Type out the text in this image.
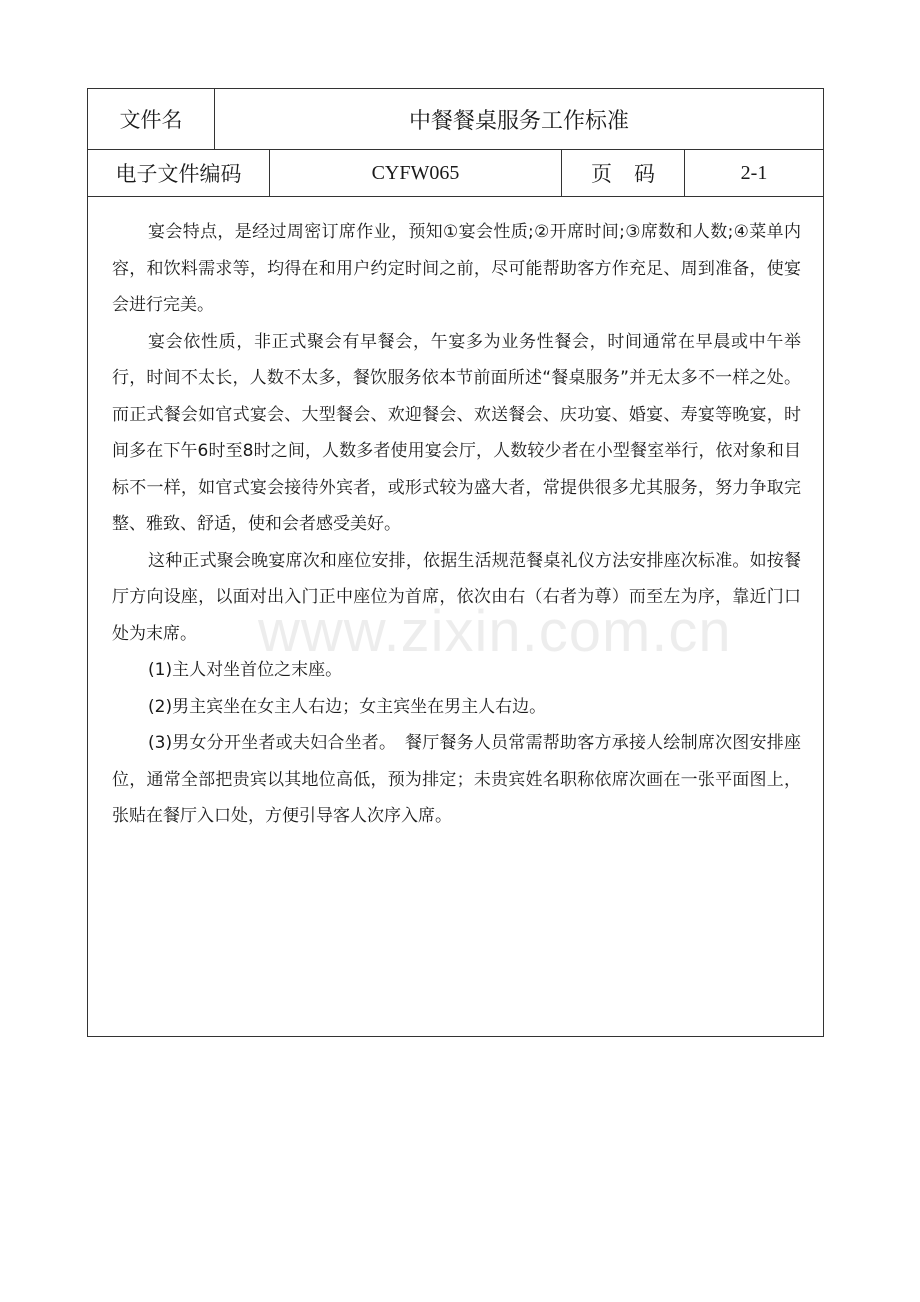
www.zixin.com.cn
文件名	中餐餐桌服务工作标准
电子文件编码	CYFW065	页码	2-1

宴会特点，是经过周密订席作业，预知①宴会性质;②开席时间;③席数和人数;④菜单内容，和饮料需求等，均得在和用户约定时间之前，尽可能帮助客方作充足、周到准备，使宴会进行完美。

宴会依性质，非正式聚会有早餐会，午宴多为业务性餐会，时间通常在早晨或中午举行，时间不太长，人数不太多，餐饮服务依本节前面所述“餐桌服务”并无太多不一样之处。而正式餐会如官式宴会、大型餐会、欢迎餐会、欢送餐会、庆功宴、婚宴、寿宴等晚宴，时间多在下午6时至8时之间，人数多者使用宴会厅，人数较少者在小型餐室举行，依对象和目标不一样，如官式宴会接待外宾者，或形式较为盛大者，常提供很多尤其服务，努力争取完整、雅致、舒适，使和会者感受美好。

这种正式聚会晚宴席次和座位安排，依据生活规范餐桌礼仪方法安排座次标准。如按餐厅方向设座，以面对出入门正中座位为首席，依次由右（右者为尊）而至左为序，靠近门口处为末席。

(1)主人对坐首位之末座。

(2)男主宾坐在女主人右边；女主宾坐在男主人右边。

(3)男女分开坐者或夫妇合坐者。　餐厅餐务人员常需帮助客方承接人绘制席次图安排座位，通常全部把贵宾以其地位高低，预为排定；未贵宾姓名职称依席次画在一张平面图上，张贴在餐厅入口处，方便引导客人次序入席。
